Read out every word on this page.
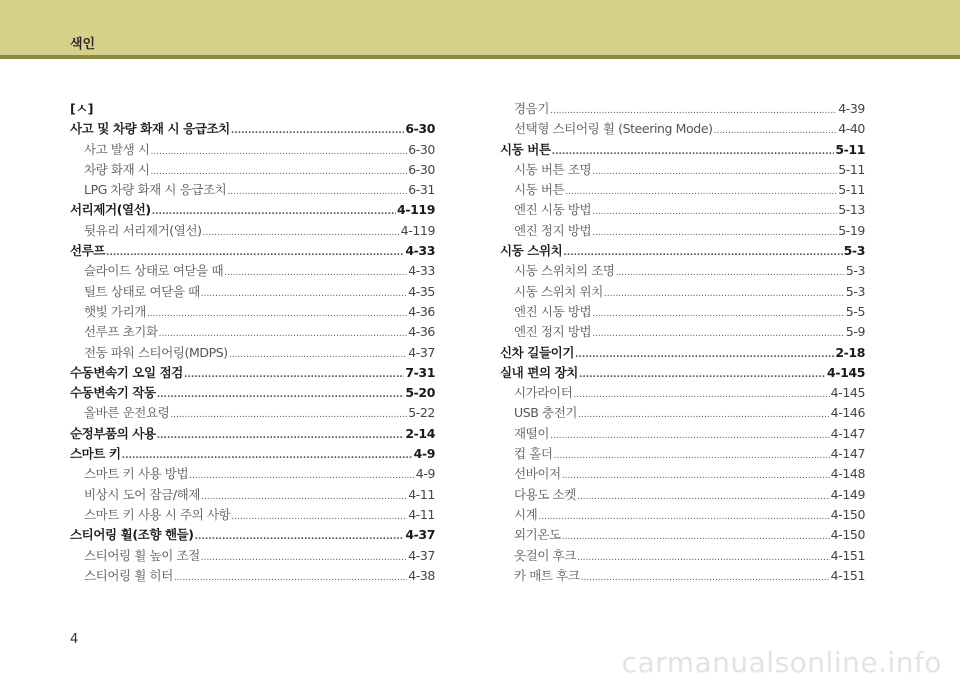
색인
[ㅅ]
사고 및 차량 화재 시 응급조치 .....	6-30
사고 발생 시 .....	6-30
차량 화재 시 .....	6-30
LPG 차량 화재 시 응급조치 .....	6-31
서리제거(열선) .....	4-119
뒷유리 서리제거(열선) .....	4-119
선루프 .....	4-33
슬라이드 상태로 여닫을 때 .....	4-33
틸트 상태로 여닫을 때 .....	4-35
햇빛 가리개 .....	4-36
선루프 초기화 .....	4-36
전동 파워 스티어링(MDPS) .....	4-37
수동변속기 오일 점검 .....	7-31
수동변속기 작동 .....	5-20
올바른 운전요령 .....	5-22
순정부품의 사용 .....	2-14
스마트 키 .....	4-9
스마트 키 사용 방법 .....	4-9
비상시 도어 잠금/해제 .....	4-11
스마트 키 사용 시 주의 사항 .....	4-11
스티어링 휠(조향 핸들) .....	4-37
스티어링 휠 높이 조절 .....	4-37
스티어링 휠 히터 .....	4-38
경음기 .....	4-39
선택형 스티어링 휠 (Steering Mode) .....	4-40
시동 버튼 .....	5-11
시동 버튼 조명 .....	5-11
시동 버튼 .....	5-11
엔진 시동 방법 .....	5-13
엔진 정지 방법 .....	5-19
시동 스위치 .....	5-3
시동 스위치의 조명 .....	5-3
시동 스위치 위치 .....	5-3
엔진 시동 방법 .....	5-5
엔진 정지 방법 .....	5-9
신차 길들이기 .....	2-18
실내 편의 장치 .....	4-145
시가라이터 .....	4-145
USB 충전기 .....	4-146
재떨이 .....	4-147
컵 홀더 .....	4-147
선바이저 .....	4-148
다용도 소켓 .....	4-149
시계 .....	4-150
외기온도 .....	4-150
옷걸이 후크 .....	4-151
카 매트 후크 .....	4-151
4
carmanualsonline.info
